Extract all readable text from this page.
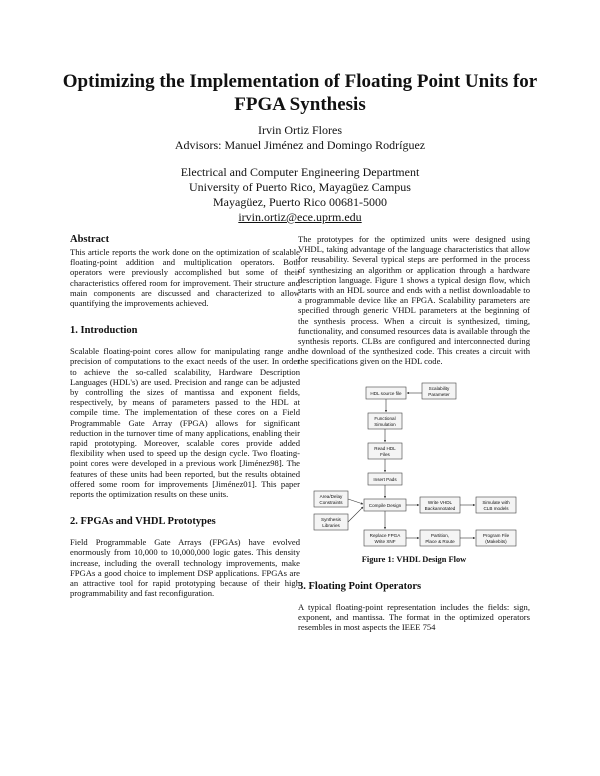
Optimizing the Implementation of Floating Point Units for FPGA Synthesis
Irvin Ortiz Flores
Advisors: Manuel Jiménez and Domingo Rodríguez
Electrical and Computer Engineering Department
University of Puerto Rico, Mayagüez Campus
Mayagüez, Puerto Rico 00681-5000
irvin.ortiz@ece.uprm.edu
Abstract

This article reports the work done on the optimization of scalable floating-point addition and multiplication operators. Both operators were previously accomplished but some of their characteristics offered room for improvement. Their structure and main components are discussed and characterized to allow quantifying the improvements achieved.

1. Introduction

Scalable floating-point cores allow for manipulating range and precision of computations to the exact needs of the user. In order to achieve the so-called scalability, Hardware Description Languages (HDL's) are used. Precision and range can be adjusted by controlling the sizes of mantissa and exponent fields, respectively, by means of parameters passed to the HDL at compile time. The implementation of these cores on a Field Programmable Gate Array (FPGA) allows for significant reduction in the turnover time of many applications, enabling their rapid prototyping. Moreover, scalable cores provide added flexibility when used to speed up the design cycle. Two floating-point cores were developed in a previous work [Jiménez98]. The features of these units had been reported, but the results obtained offered some room for improvements [Jiménez01]. This paper reports the optimization results on these units.

2. FPGAs and VHDL Prototypes

Field Programmable Gate Arrays (FPGAs) have evolved enormously from 10,000 to 10,000,000 logic gates. This density increase, including the overall technology improvements, make FPGAs a good choice to implement DSP applications. FPGAs are an attractive tool for rapid prototyping because of their high programmability and fast reconfiguration.

The prototypes for the optimized units were designed using VHDL, taking advantage of the language characteristics that allow for reusability. Several typical steps are performed in the process of synthesizing an algorithm or application through a hardware description language. Figure 1 shows a typical design flow, which starts with an HDL source and ends with a netlist downloadable to a programmable device like an FPGA. Scalability parameters are specified through generic VHDL parameters at the beginning of the synthesis process. When a circuit is synthesized, timing, functionality, and consumed resources data is available through the synthesis reports. CLBs are configured and interconnected during the download of the synthesized code. This creates a circuit with the specifications given on the HDL code.

HDL source file
Scalability
Parameter
Functional
Simulation
Read HDL
Files
Insert Pads
Area/Delay
Constraints
Synthesis
Libraries
Compile Design
Write VHDL
Backannotated
Simulate with
CLB models
Replace FPGA
Write XNF
Partition,
Place & Route
Program File
(Makebits)
Figure 1: VHDL Design Flow
3. Floating Point Operators

A typical floating-point representation includes the fields: sign, exponent, and mantissa. The format in the optimized operators resembles in most aspects the IEEE 754
